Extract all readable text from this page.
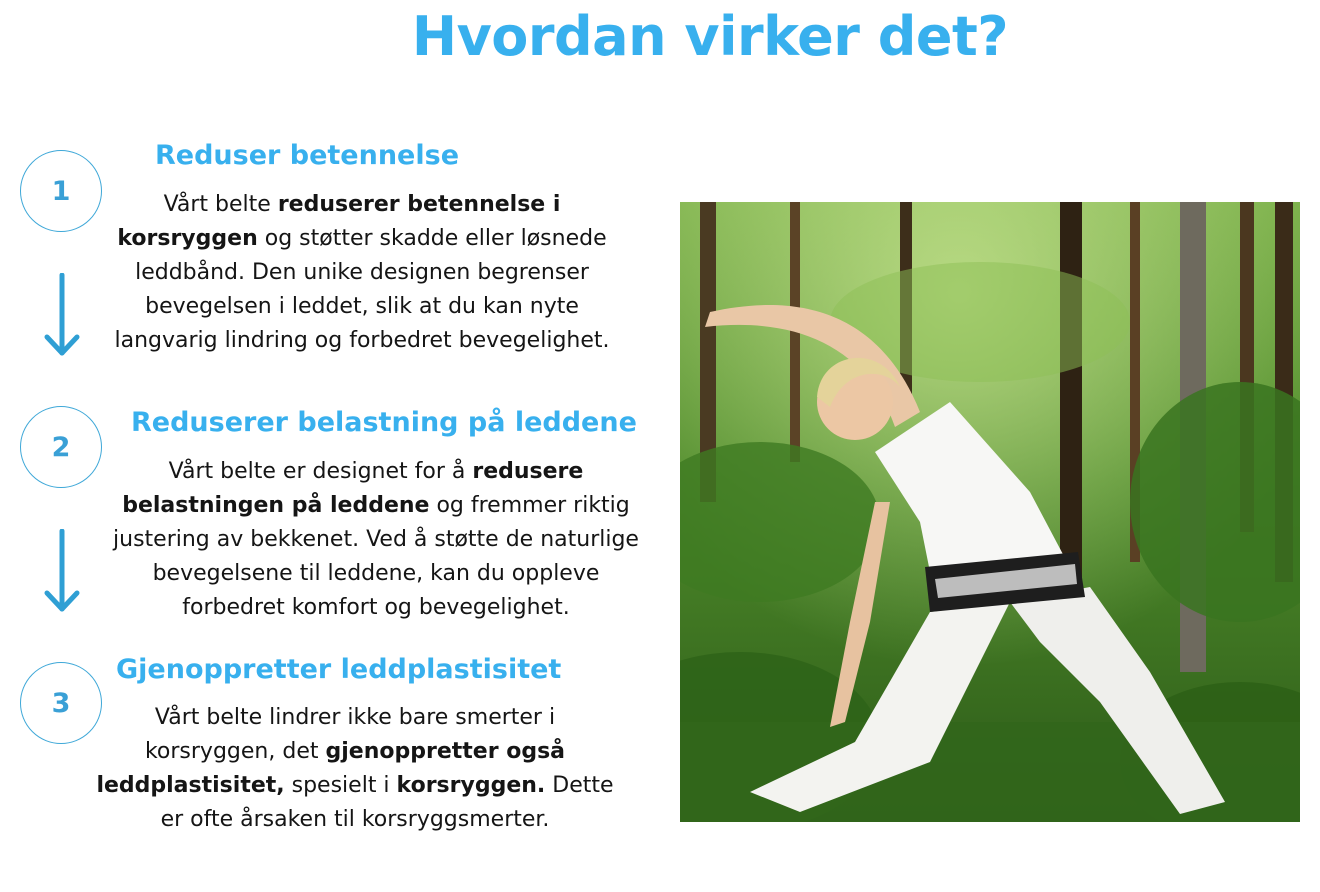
Hvordan virker det?
1
Reduser betennelse
Vårt belte reduserer betennelse i korsryggen og støtter skadde eller løsnede leddbånd. Den unike designen begrenser bevegelsen i leddet, slik at du kan nyte langvarig lindring og forbedret bevegelighet.
2
Reduserer belastning på leddene
Vårt belte er designet for å redusere belastningen på leddene og fremmer riktig justering av bekkenet. Ved å støtte de naturlige bevegelsene til leddene, kan du oppleve forbedret komfort og bevegelighet.
3
Gjenoppretter leddplastisitet
Vårt belte lindrer ikke bare smerter i korsryggen, det gjenoppretter også leddplastisitet, spesielt i korsryggen. Dette er ofte årsaken til korsryggsmerter.
